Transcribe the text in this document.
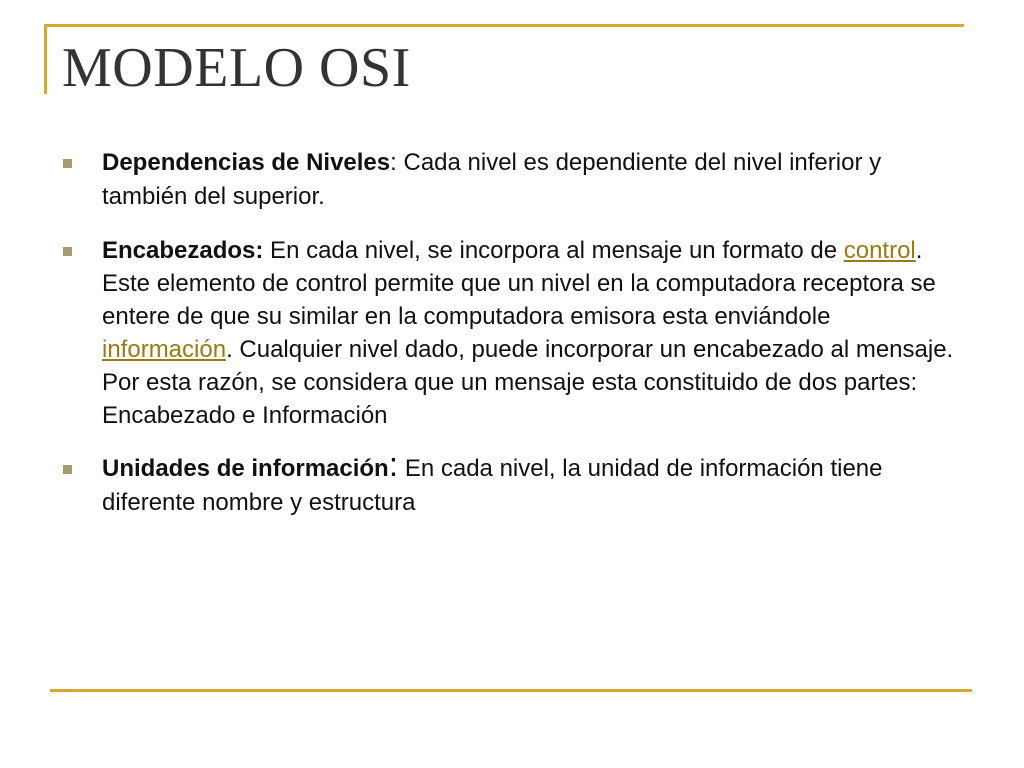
MODELO OSI
Dependencias de Niveles: Cada nivel es dependiente del nivel inferior y también del superior.
Encabezados: En cada nivel, se incorpora al mensaje un formato de control. Este elemento de control permite que un nivel en la computadora receptora se entere de que su similar en la computadora emisora esta enviándole información. Cualquier nivel dado, puede incorporar un encabezado al mensaje. Por esta razón, se considera que un mensaje esta constituido de dos partes: Encabezado e Información
Unidades de información: En cada nivel, la unidad de información tiene diferente nombre y estructura
